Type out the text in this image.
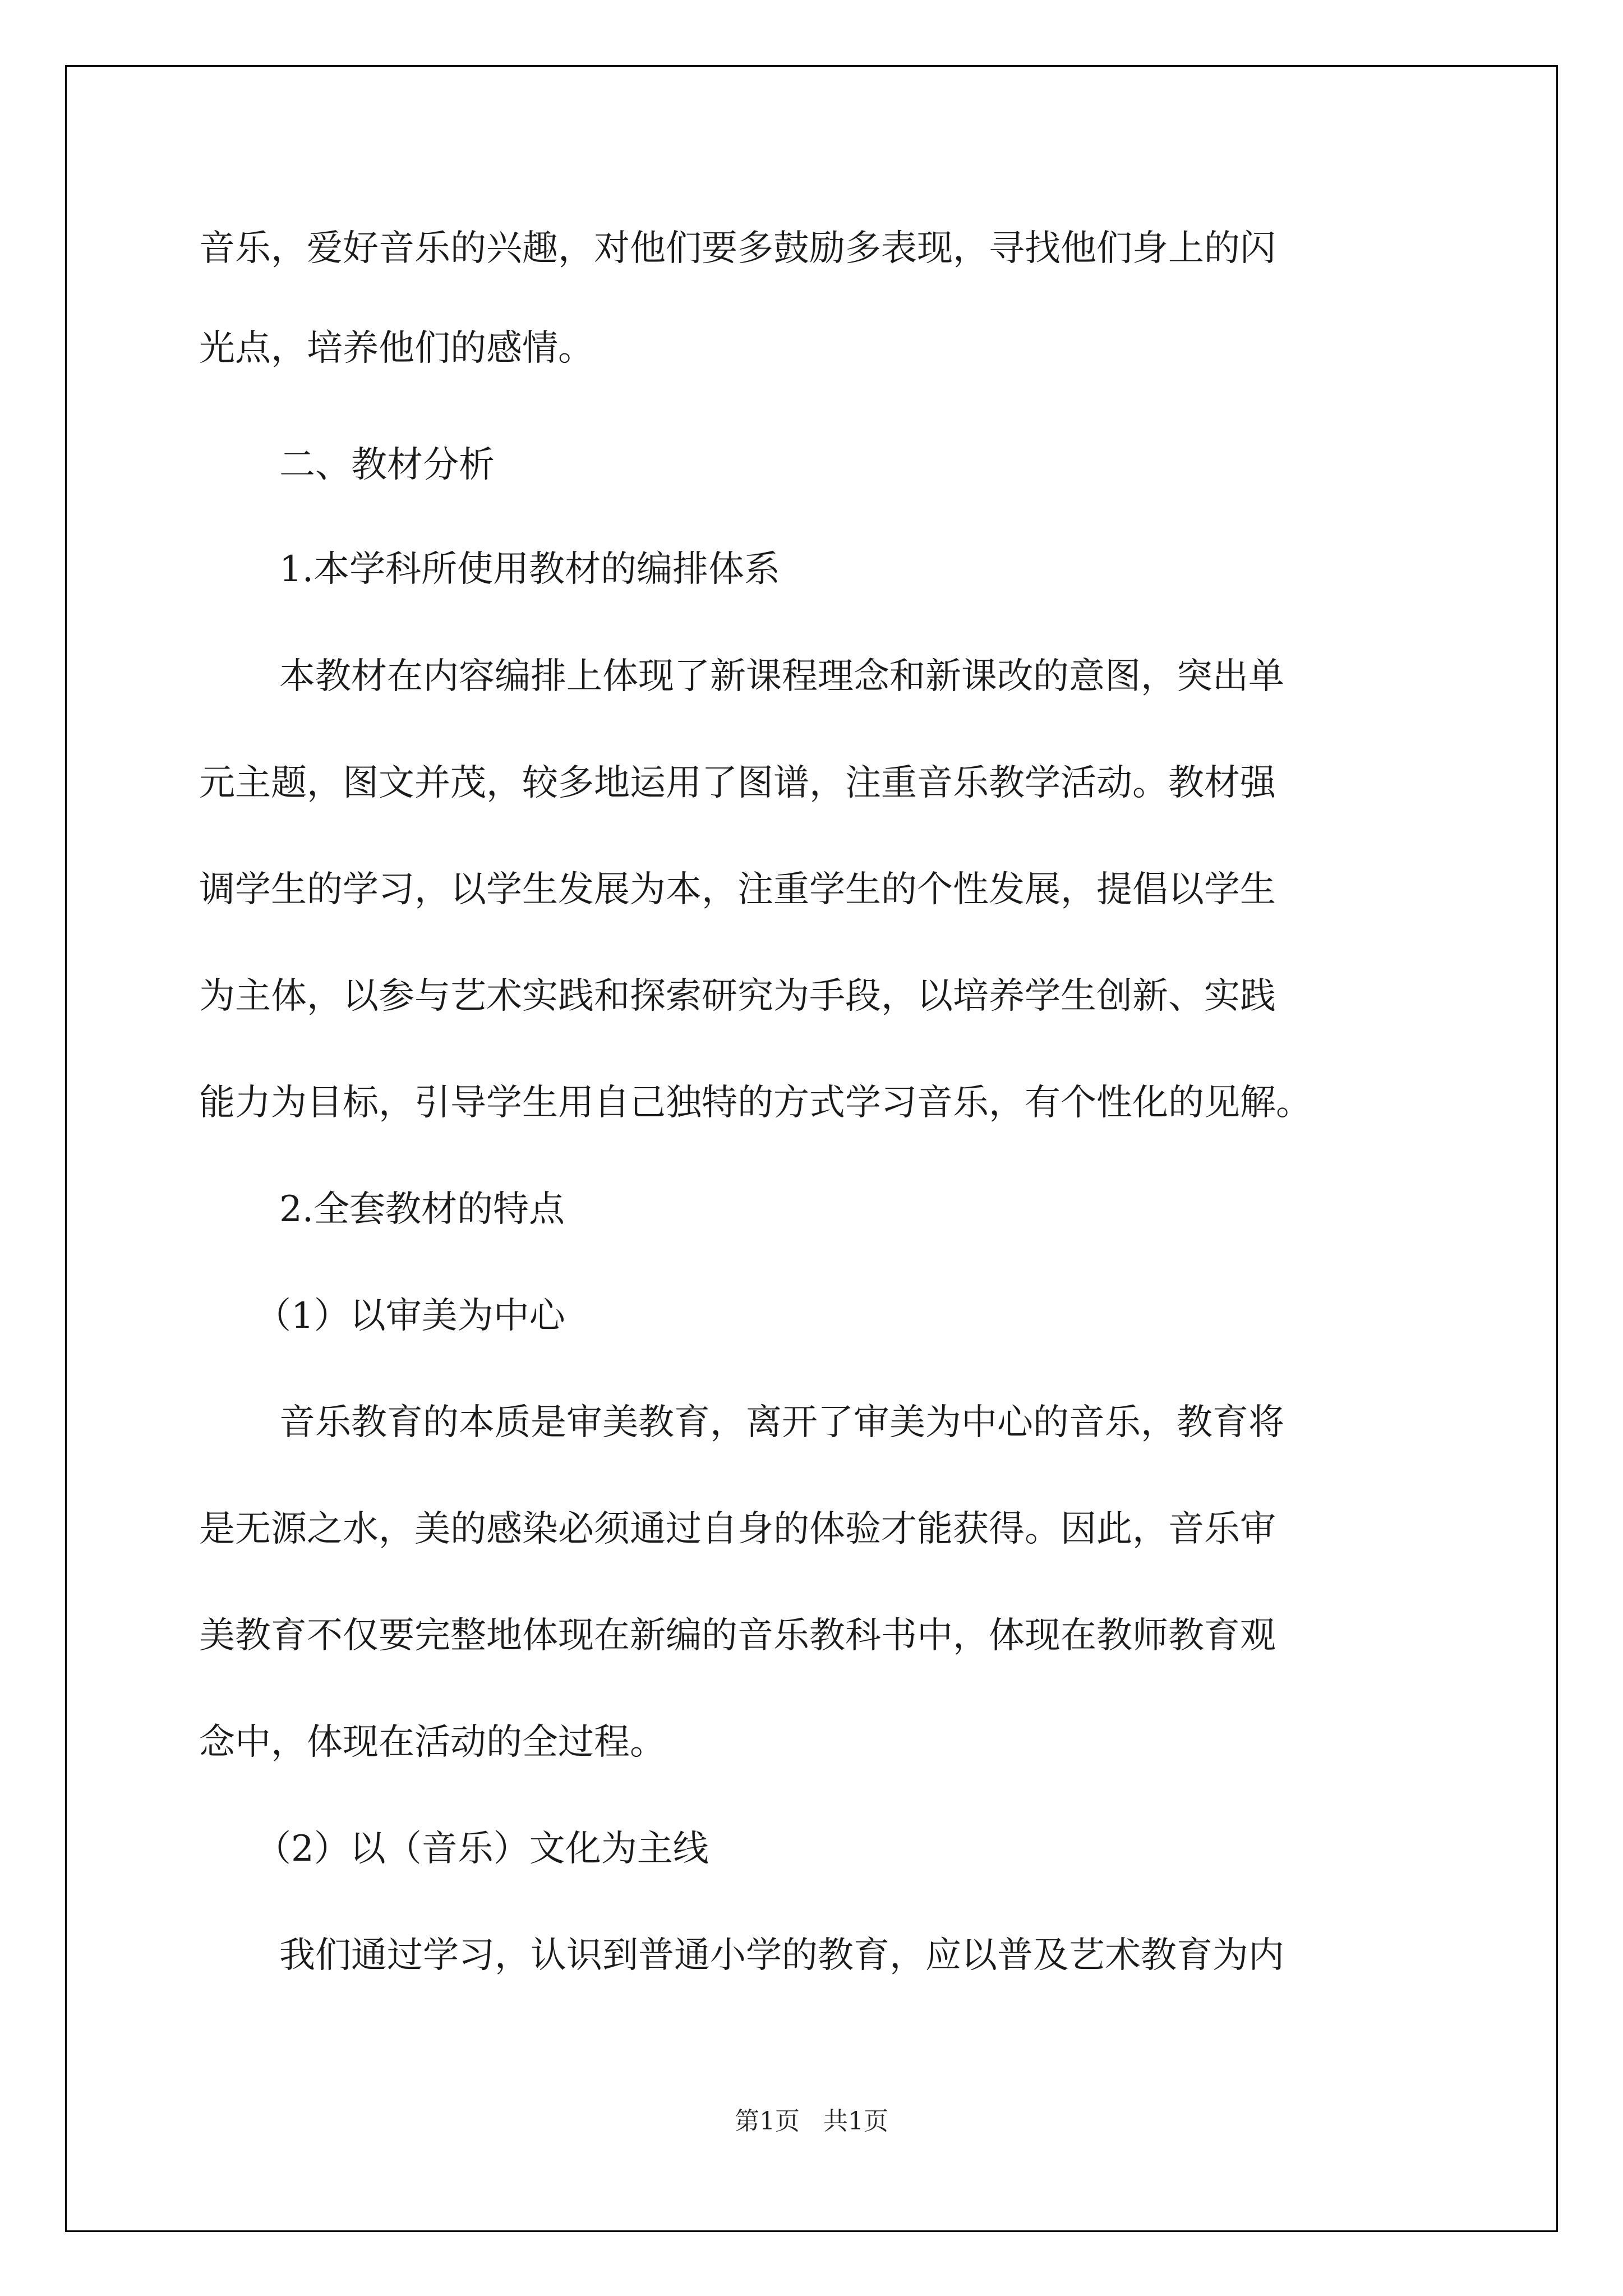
音乐，爱好音乐的兴趣，对他们要多鼓励多表现，寻找他们身上的闪
光点，培养他们的感情。
二、教材分析
1.本学科所使用教材的编排体系
本教材在内容编排上体现了新课程理念和新课改的意图，突出单
元主题，图文并茂，较多地运用了图谱，注重音乐教学活动。教材强
调学生的学习，以学生发展为本，注重学生的个性发展，提倡以学生
为主体，以参与艺术实践和探索研究为手段，以培养学生创新、实践
能力为目标，引导学生用自己独特的方式学习音乐，有个性化的见解。
2.全套教材的特点
（1）以审美为中心
音乐教育的本质是审美教育，离开了审美为中心的音乐，教育将
是无源之水，美的感染必须通过自身的体验才能获得。因此，音乐审
美教育不仅要完整地体现在新编的音乐教科书中，体现在教师教育观
念中，体现在活动的全过程。
（2）以（音乐）文化为主线
我们通过学习，认识到普通小学的教育，应以普及艺术教育为内
第1页 共1页
